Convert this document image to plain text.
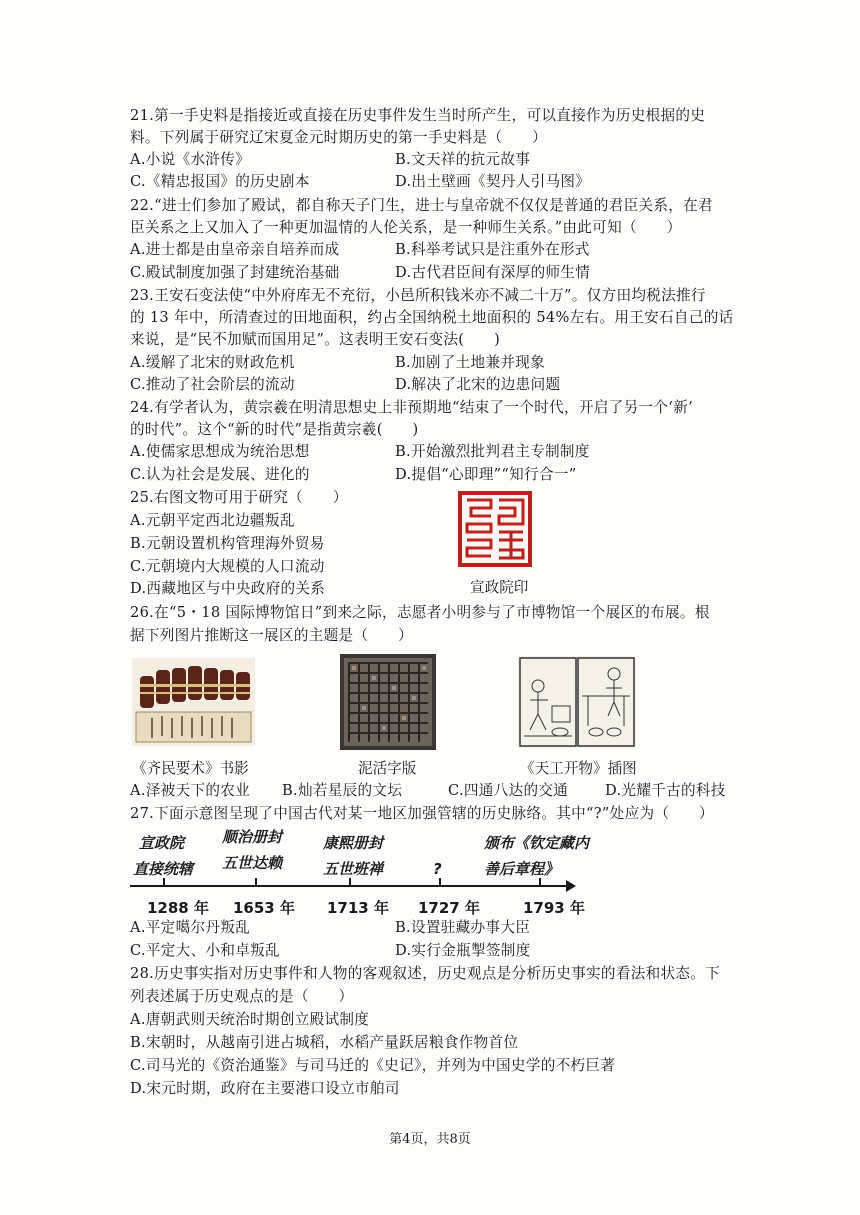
21.第一手史料是指接近或直接在历史事件发生当时所产生，可以直接作为历史根据的史
料。下列属于研究辽宋夏金元时期历史的第一手史料是（　　）
A.小说《水浒传》	B.文天祥的抗元故事
C.《精忠报国》的历史剧本	D.出土壁画《契丹人引马图》
22.“进士们参加了殿试，都自称天子门生，进士与皇帝就不仅仅是普通的君臣关系，在君
臣关系之上又加入了一种更加温情的人伦关系，是一种师生关系。”由此可知（　　）
A.进士都是由皇帝亲自培养而成	B.科举考试只是注重外在形式
C.殿试制度加强了封建统治基础	D.古代君臣间有深厚的师生情
23.王安石变法使“中外府库无不充衍，小邑所积钱米亦不减二十万”。仅方田均税法推行
的 13 年中，所清查过的田地面积，约占全国纳税土地面积的 54%左右。用王安石自己的话
来说，是“民不加赋而国用足”。这表明王安石变法(　　)
A.缓解了北宋的财政危机	B.加剧了土地兼并现象
C.推动了社会阶层的流动	D.解决了北宋的边患问题
24.有学者认为，黄宗羲在明清思想史上非预期地“结束了一个时代，开启了另一个‘新’
的时代”。这个“新的时代”是指黄宗羲(　　)
A.使儒家思想成为统治思想	B.开始激烈批判君主专制制度
C.认为社会是发展、进化的	D.提倡“心即理”“知行合一”
25.右图文物可用于研究（　　）
A.元朝平定西北边疆叛乱
B.元朝设置机构管理海外贸易
C.元朝境内大规模的人口流动
D.西藏地区与中央政府的关系	宣政院印
26.在“5・18 国际博物馆日”到来之际，志愿者小明参与了市博物馆一个展区的布展。根
据下列图片推断这一展区的主题是（　　）
《齐民要术》书影	泥活字版	《天工开物》插图
A.泽被天下的农业 B.灿若星辰的文坛	C.四通八达的交通	D.光耀千古的科技
27.下面示意图呈现了中国古代对某一地区加强管辖的历史脉络。其中“?”处应为（　　）
宣政院
直接统辖
顺治册封
五世达赖
康熙册封
五世班禅	?
颁布《钦定藏内
善后章程》
1288 年 1653 年 1713 年 1727 年	1793 年
A.平定噶尔丹叛乱	B.设置驻藏办事大臣
C.平定大、小和卓叛乱	D.实行金瓶掣签制度
28.历史事实指对历史事件和人物的客观叙述，历史观点是分析历史事实的看法和状态。下
列表述属于历史观点的是（　　）
A.唐朝武则天统治时期创立殿试制度
B.宋朝时，从越南引进占城稻，水稻产量跃居粮食作物首位
C.司马光的《资治通鉴》与司马迁的《史记》，并列为中国史学的不朽巨著
D.宋元时期，政府在主要港口设立市舶司
第4页，共8页
